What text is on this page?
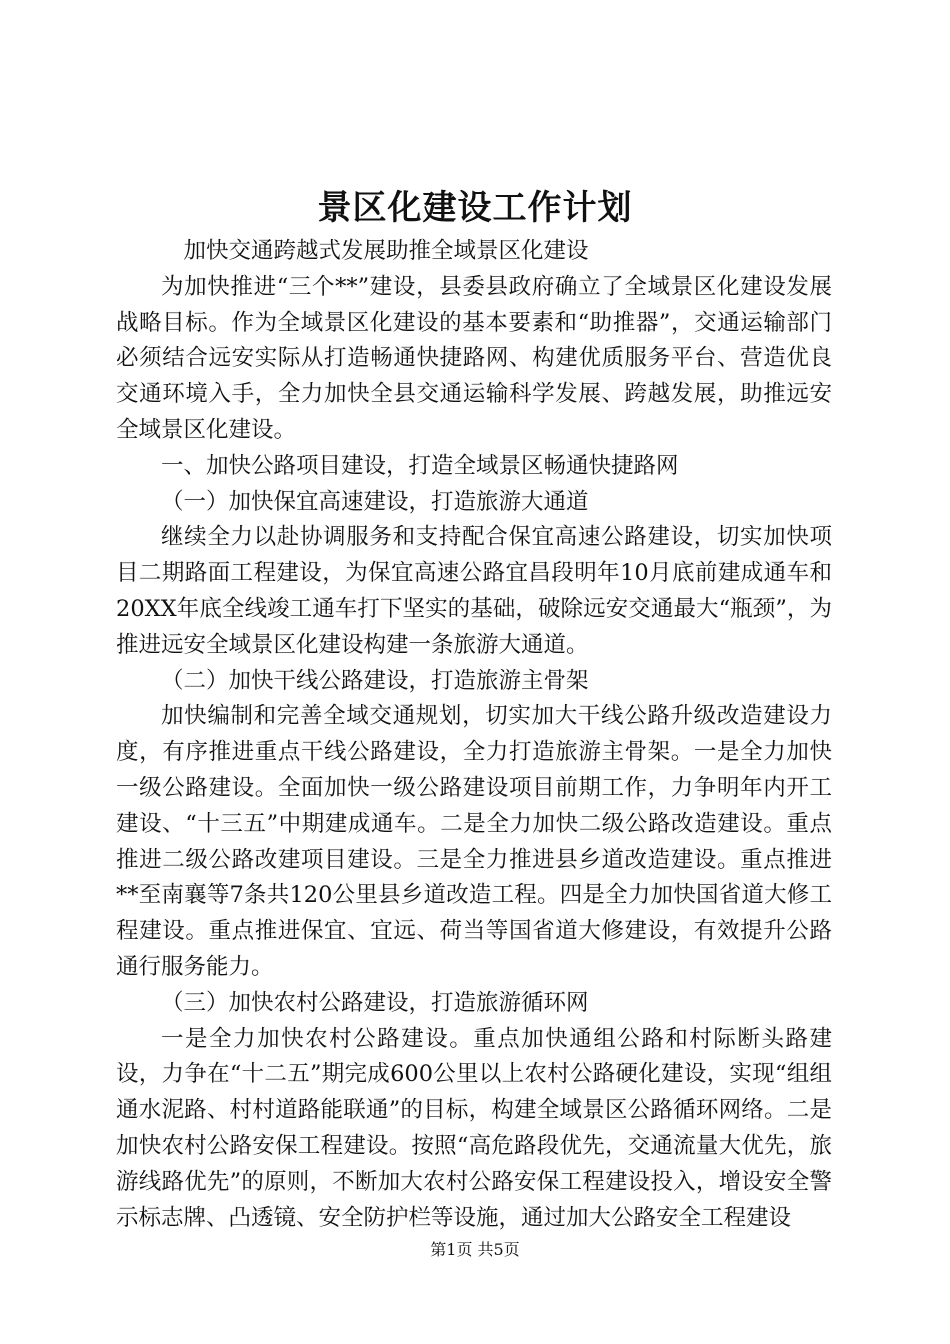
景区化建设工作计划

加快交通跨越式发展助推全域景区化建设

为加快推进“三个**”建设，县委县政府确立了全域景区化建设发展战略目标。作为全域景区化建设的基本要素和“助推器”，交通运输部门必须结合远安实际从打造畅通快捷路网、构建优质服务平台、营造优良交通环境入手，全力加快全县交通运输科学发展、跨越发展，助推远安全域景区化建设。

一、加快公路项目建设，打造全域景区畅通快捷路网

（一）加快保宜高速建设，打造旅游大通道

继续全力以赴协调服务和支持配合保宜高速公路建设，切实加快项目二期路面工程建设，为保宜高速公路宜昌段明年10月底前建成通车和20XX年底全线竣工通车打下坚实的基础，破除远安交通最大“瓶颈”，为推进远安全域景区化建设构建一条旅游大通道。

（二）加快干线公路建设，打造旅游主骨架

加快编制和完善全域交通规划，切实加大干线公路升级改造建设力度，有序推进重点干线公路建设，全力打造旅游主骨架。一是全力加快一级公路建设。全面加快一级公路建设项目前期工作，力争明年内开工建设、“十三五”中期建成通车。二是全力加快二级公路改造建设。重点推进二级公路改建项目建设。三是全力推进县乡道改造建设。重点推进**至南襄等7条共120公里县乡道改造工程。四是全力加快国省道大修工程建设。重点推进保宜、宜远、荷当等国省道大修建设，有效提升公路通行服务能力。

（三）加快农村公路建设，打造旅游循环网

一是全力加快农村公路建设。重点加快通组公路和村际断头路建设，力争在“十二五”期完成600公里以上农村公路硬化建设，实现“组组通水泥路、村村道路能联通”的目标，构建全域景区公路循环网络。二是加快农村公路安保工程建设。按照“高危路段优先，交通流量大优先，旅游线路优先”的原则，不断加大农村公路安保工程建设投入，增设安全警示标志牌、凸透镜、安全防护栏等设施，通过加大公路安全工程建设

第1页 共5页
